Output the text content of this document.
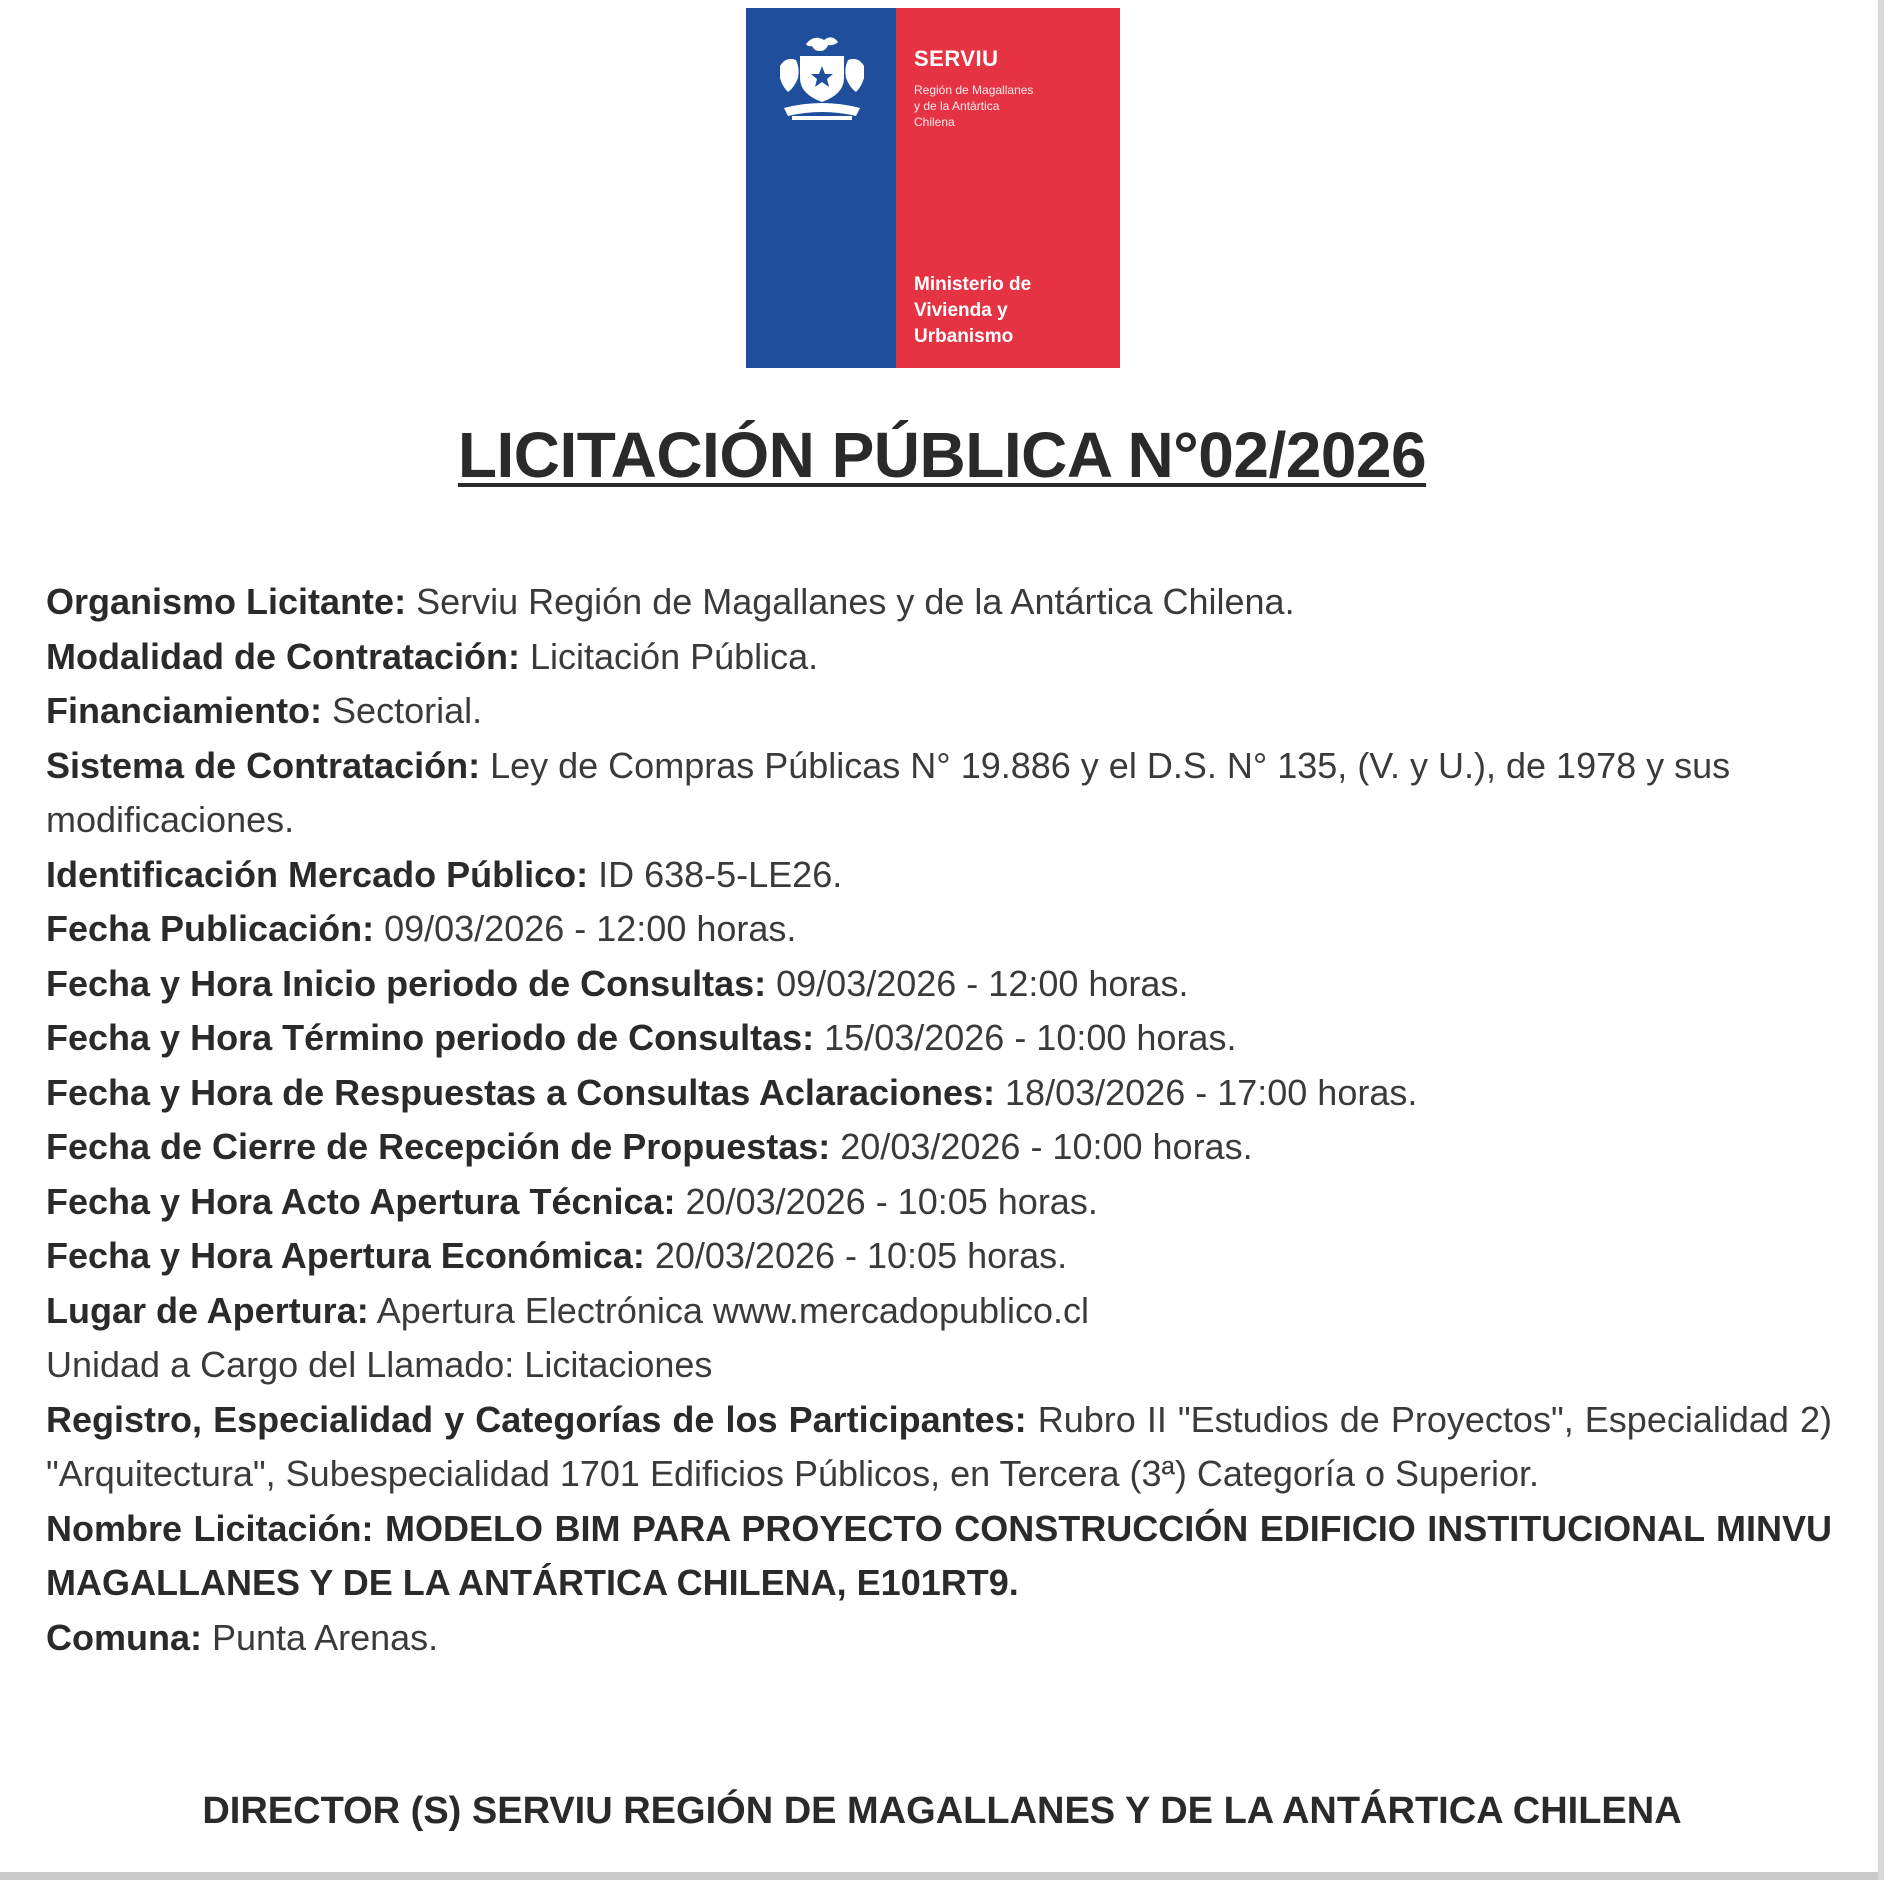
SERVIU
Región de Magallanes
y de la Antártica
Chilena
Ministerio de
Vivienda y
Urbanismo
LICITACIÓN PÚBLICA N°02/2026
Organismo Licitante: Serviu Región de Magallanes y de la Antártica Chilena.
Modalidad de Contratación: Licitación Pública.
Financiamiento: Sectorial.
Sistema de Contratación: Ley de Compras Públicas N° 19.886 y el D.S. N° 135, (V. y U.), de 1978 y sus modificaciones.
Identificación Mercado Público: ID 638-5-LE26.
Fecha Publicación: 09/03/2026 - 12:00 horas.
Fecha y Hora Inicio periodo de Consultas: 09/03/2026 - 12:00 horas.
Fecha y Hora Término periodo de Consultas: 15/03/2026 - 10:00 horas.
Fecha y Hora de Respuestas a Consultas Aclaraciones: 18/03/2026 - 17:00 horas.
Fecha de Cierre de Recepción de Propuestas: 20/03/2026 - 10:00 horas.
Fecha y Hora Acto Apertura Técnica: 20/03/2026 - 10:05 horas.
Fecha y Hora Apertura Económica: 20/03/2026 - 10:05 horas.
Lugar de Apertura: Apertura Electrónica www.mercadopublico.cl
Unidad a Cargo del Llamado: Licitaciones
Registro, Especialidad y Categorías de los Participantes: Rubro II "Estudios de Proyectos", Especialidad 2) "Arquitectura", Subespecialidad 1701 Edificios Públicos, en Tercera (3ª) Categoría o Superior.
Nombre Licitación: MODELO BIM PARA PROYECTO CONSTRUCCIÓN EDIFICIO INSTITUCIONAL MINVU MAGALLANES Y DE LA ANTÁRTICA CHILENA, E101RT9.
Comuna: Punta Arenas.
DIRECTOR (S) SERVIU REGIÓN DE MAGALLANES Y DE LA ANTÁRTICA CHILENA
